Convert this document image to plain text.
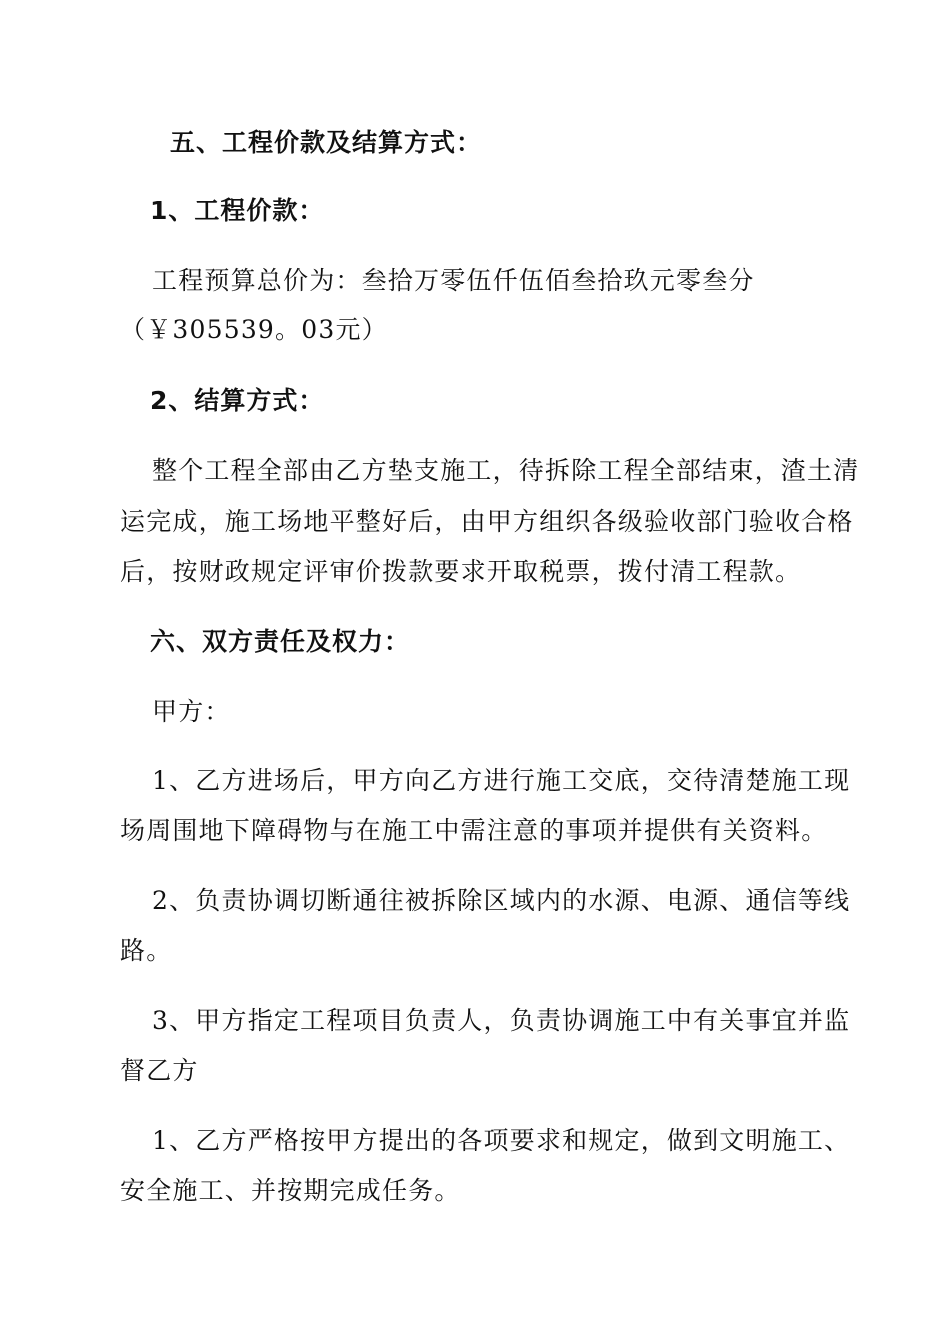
五、工程价款及结算方式：

1、工程价款：

工程预算总价为：叁拾万零伍仟伍佰叁拾玖元零叁分

（￥305539。03元）

2、结算方式：

整个工程全部由乙方垫支施工，待拆除工程全部结束，渣土清

运完成，施工场地平整好后，由甲方组织各级验收部门验收合格

后，按财政规定评审价拨款要求开取税票，拨付清工程款。

六、双方责任及权力：

甲方：

1、乙方进场后，甲方向乙方进行施工交底，交待清楚施工现

场周围地下障碍物与在施工中需注意的事项并提供有关资料。

2、负责协调切断通往被拆除区域内的水源、电源、通信等线

路。

3、甲方指定工程项目负责人，负责协调施工中有关事宜并监

督乙方

1、乙方严格按甲方提出的各项要求和规定，做到文明施工、

安全施工、并按期完成任务。
